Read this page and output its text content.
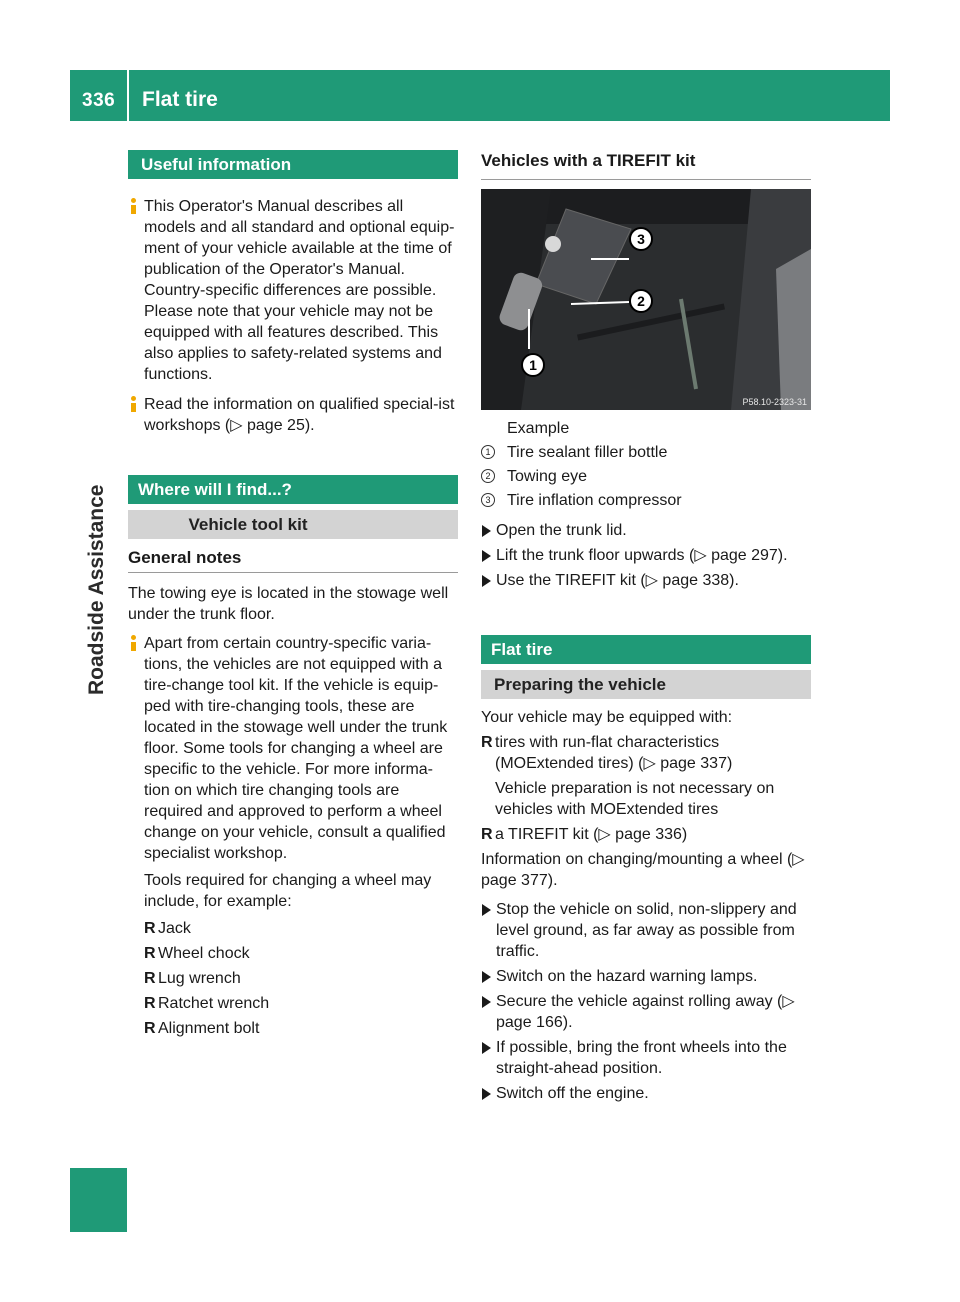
336 Flat tire
Roadside Assistance
Useful information

This Operator's Manual describes all models and all standard and optional equip-ment of your vehicle available at the time of publication of the Operator's Manual. Country-specific differences are possible. Please note that your vehicle may not be equipped with all features described. This also applies to safety-related systems and functions.

Read the information on qualified special-ist workshops (▷ page 25).

Where will I find...?
Vehicle tool kit
General notes

The towing eye is located in the stowage well under the trunk floor.

Apart from certain country-specific varia-tions, the vehicles are not equipped with a tire-change tool kit. If the vehicle is equip-ped with tire-changing tools, these are located in the stowage well under the trunk floor. Some tools for changing a wheel are specific to the vehicle. For more informa-tion on which tire changing tools are required and approved to perform a wheel change on your vehicle, consult a qualified specialist workshop.

Tools required for changing a wheel may include, for example:

R Jack
R Wheel chock
R Lug wrench
R Ratchet wrench
R Alignment bolt
Vehicles with a TIREFIT kit
3
2
1
P58.10-2323-31

Example

1 Tire sealant filler bottle
2 Towing eye
3 Tire inflation compressor
Open the trunk lid.
Lift the trunk floor upwards (▷ page 297).
Use the TIREFIT kit (▷ page 338).
Flat tire
Preparing the vehicle

Your vehicle may be equipped with:

R tires with run-flat characteristics (MOExtended tires) (▷ page 337)

Vehicle preparation is not necessary on vehicles with MOExtended tires

R a TIREFIT kit (▷ page 336)

Information on changing/mounting a wheel (▷ page 377).

Stop the vehicle on solid, non-slippery and level ground, as far away as possible from traffic.
Switch on the hazard warning lamps.
Secure the vehicle against rolling away (▷ page 166).
If possible, bring the front wheels into the straight-ahead position.
Switch off the engine.
